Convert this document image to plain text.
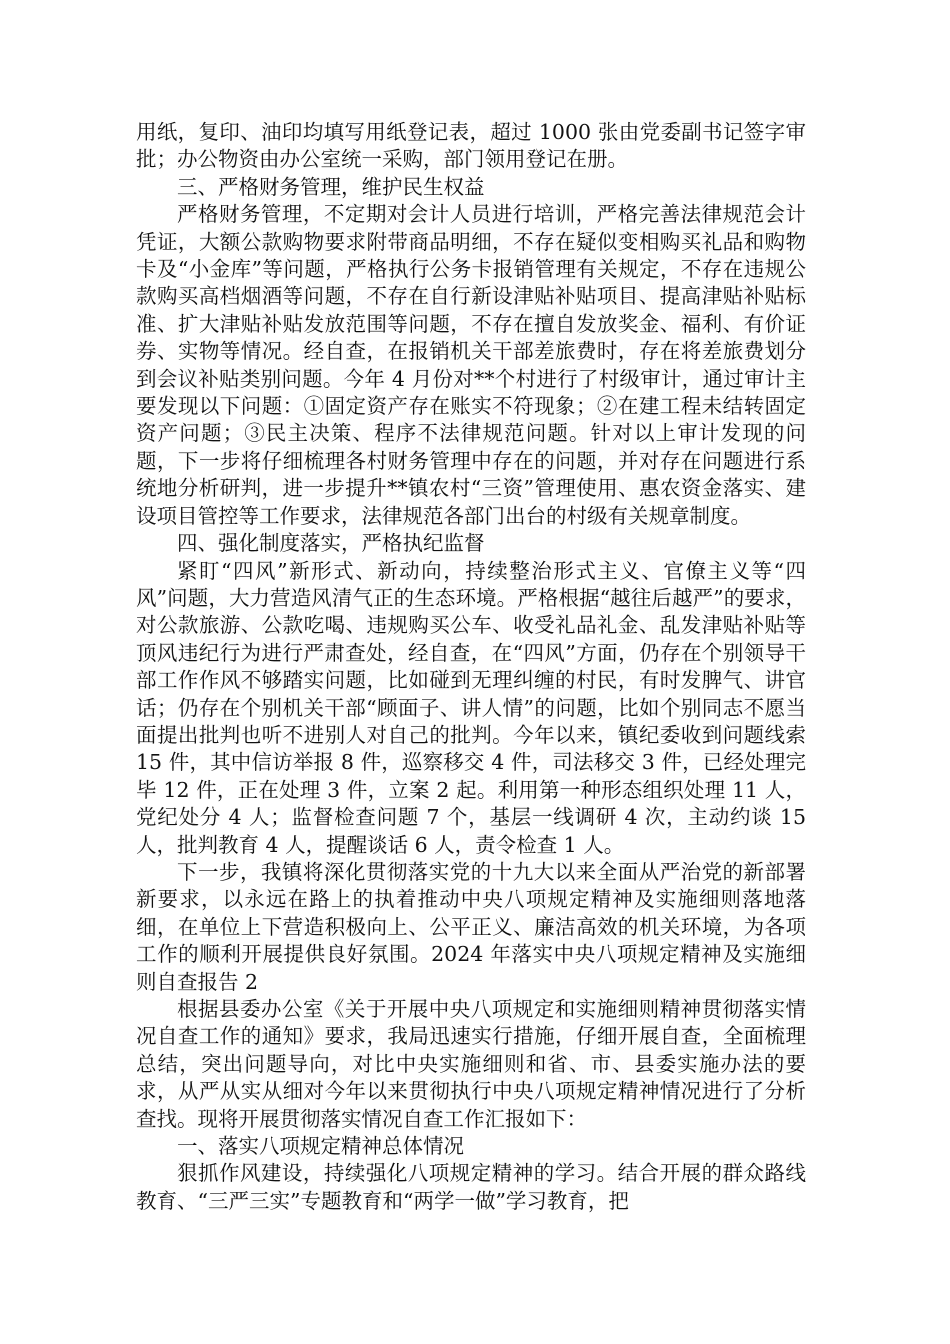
用纸，复印、油印均填写用纸登记表，超过 1000 张由党委副书记签字审批；办公物资由办公室统一采购，部门领用登记在册。

三、严格财务管理，维护民生权益

严格财务管理，不定期对会计人员进行培训，严格完善法律规范会计凭证，大额公款购物要求附带商品明细，不存在疑似变相购买礼品和购物卡及“小金库”等问题，严格执行公务卡报销管理有关规定，不存在违规公款购买高档烟酒等问题，不存在自行新设津贴补贴项目、提高津贴补贴标准、扩大津贴补贴发放范围等问题，不存在擅自发放奖金、福利、有价证券、实物等情况。经自查，在报销机关干部差旅费时，存在将差旅费划分到会议补贴类别问题。今年 4 月份对**个村进行了村级审计，通过审计主要发现以下问题：①固定资产存在账实不符现象；②在建工程未结转固定资产问题；③民主决策、程序不法律规范问题。针对以上审计发现的问题，下一步将仔细梳理各村财务管理中存在的问题，并对存在问题进行系统地分析研判，进一步提升**镇农村“三资”管理使用、惠农资金落实、建设项目管控等工作要求，法律规范各部门出台的村级有关规章制度。

四、强化制度落实，严格执纪监督

紧盯“四风”新形式、新动向，持续整治形式主义、官僚主义等“四风”问题，大力营造风清气正的生态环境。严格根据“越往后越严”的要求，对公款旅游、公款吃喝、违规购买公车、收受礼品礼金、乱发津贴补贴等顶风违纪行为进行严肃查处，经自查，在“四风”方面，仍存在个别领导干部工作作风不够踏实问题，比如碰到无理纠缠的村民，有时发脾气、讲官话；仍存在个别机关干部“顾面子、讲人情”的问题，比如个别同志不愿当面提出批判也听不进别人对自己的批判。今年以来，镇纪委收到问题线索 15 件，其中信访举报 8 件，巡察移交 4 件，司法移交 3 件，已经处理完毕 12 件，正在处理 3 件，立案 2 起。利用第一种形态组织处理 11 人，党纪处分 4 人；监督检查问题 7 个，基层一线调研 4 次，主动约谈 15 人，批判教育 4 人，提醒谈话 6 人，责令检查 1 人。

下一步，我镇将深化贯彻落实党的十九大以来全面从严治党的新部署新要求，以永远在路上的执着推动中央八项规定精神及实施细则落地落细，在单位上下营造积极向上、公平正义、廉洁高效的机关环境，为各项工作的顺利开展提供良好氛围。2024 年落实中央八项规定精神及实施细则自查报告 2

根据县委办公室《关于开展中央八项规定和实施细则精神贯彻落实情况自查工作的通知》要求，我局迅速实行措施，仔细开展自查，全面梳理总结，突出问题导向，对比中央实施细则和省、市、县委实施办法的要求，从严从实从细对今年以来贯彻执行中央八项规定精神情况进行了分析查找。现将开展贯彻落实情况自查工作汇报如下：

一、落实八项规定精神总体情况

狠抓作风建设，持续强化八项规定精神的学习。结合开展的群众路线教育、“三严三实”专题教育和“两学一做”学习教育，把
